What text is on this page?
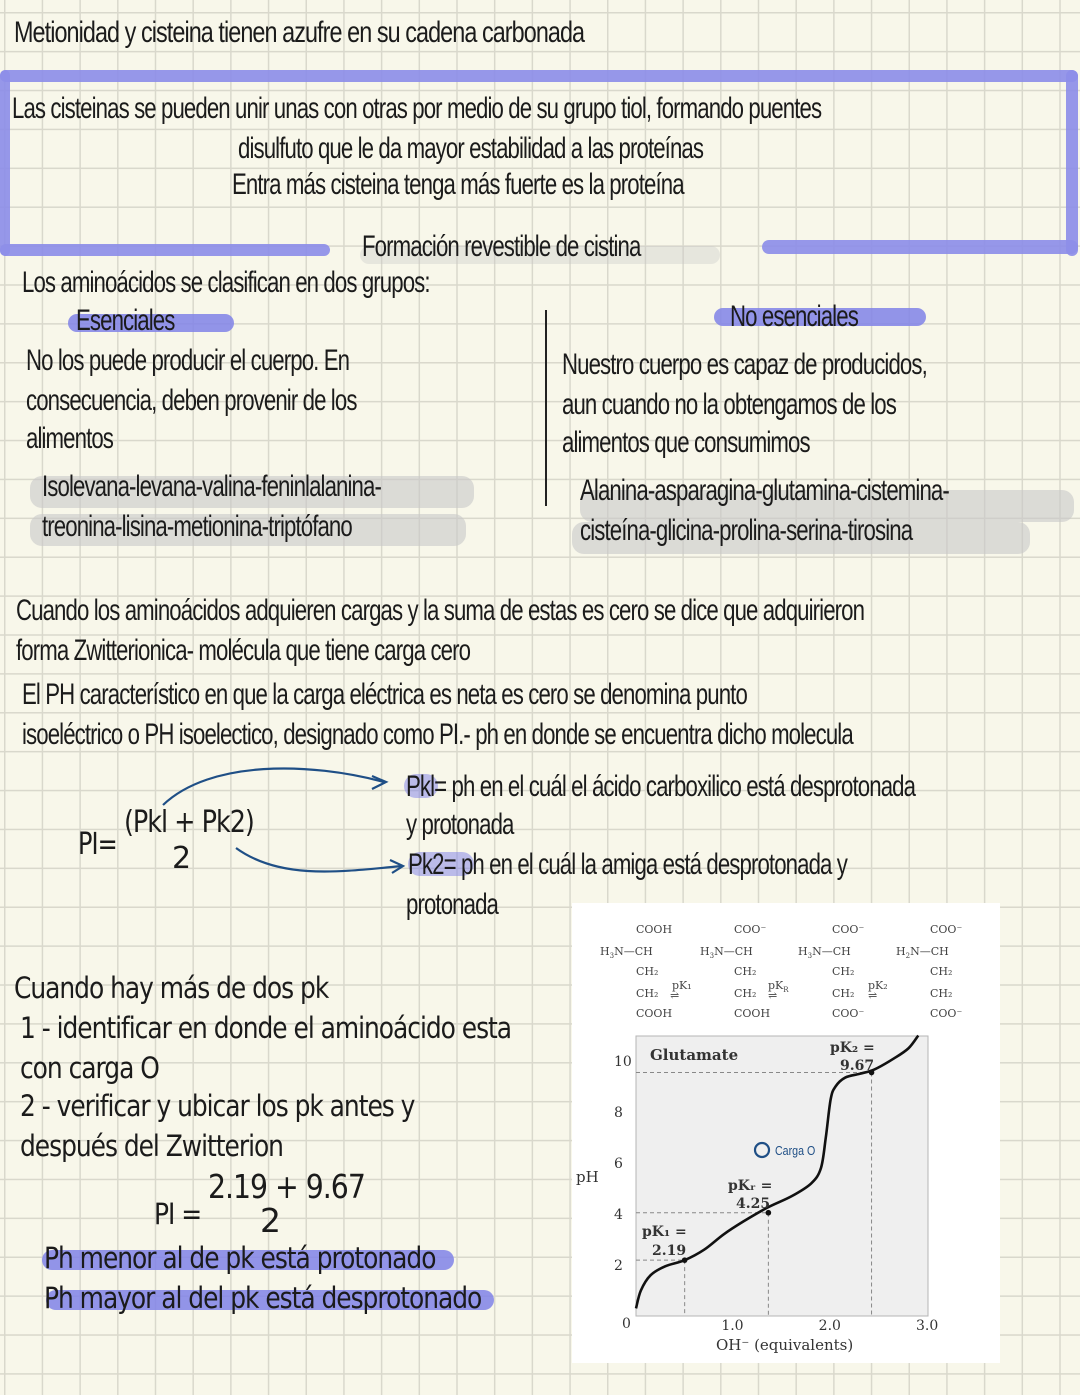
Metionidad y cisteina tienen azufre en su cadena carbonada
Las cisteinas se pueden unir unas con otras por medio de su grupo tiol, formando puentes
disulfuto que le da mayor estabilidad a las proteínas
Entra más cisteina tenga más fuerte es la proteína
Formación revestible de cistina
Los aminoácidos se clasifican en dos grupos:
Esenciales	No esenciales
No los puede producir el cuerpo. En
consecuencia, deben provenir de los
alimentos
Nuestro cuerpo es capaz de producidos,
aun cuando no la obtengamos de los
alimentos que consumimos
Isolevana-levana-valina-feninlalanina-
treonina-lisina-metionina-triptófano
Alanina-asparagina-glutamina-cistemina-
cisteína-glicina-prolina-serina-tirosina
Cuando los aminoácidos adquieren cargas y la suma de estas es cero se dice que adquirieron
forma Zwitterionica- molécula que tiene carga cero
El PH característico en que la carga eléctrica es neta es cero se denomina punto
isoeléctrico o PH isoelectico, designado como PI.- ph en donde se encuentra dicho molecula
PI=
(Pkl + Pk2)
2
Pkl= ph en el cuál el ácido carboxilico está desprotonada
y protonada
Pk2= ph en el cuál la amiga está desprotonada y
protonada
Cuando hay más de dos pk
1 - identificar en donde el aminoácido esta
con carga O
2 - verificar y ubicar los pk antes y
después del Zwitterion
PI =
2.19 + 9.67
2
Ph menor al de pk está protonado
Ph mayor al del pk está desprotonado
COOH
$H_3N—CH$
CH₂
CH₂
COOH
pK₁
⇌
COO⁻
$H_3N—CH$
CH₂
CH₂
COOH
$pK_R$
⇌
COO⁻
$H_3N—CH$
CH₂
CH₂
COO⁻
pK₂
⇌
COO⁻
$H_2N—CH$
CH₂
CH₂
COO⁻
0
2
4
6
8
10
1.0	2.0	3.0
Glutamate
pH
OH⁻ (equivalents)
pK₁ =
2.19
pKᵣ =
4.25
pK₂ =
9.67
Carga O
